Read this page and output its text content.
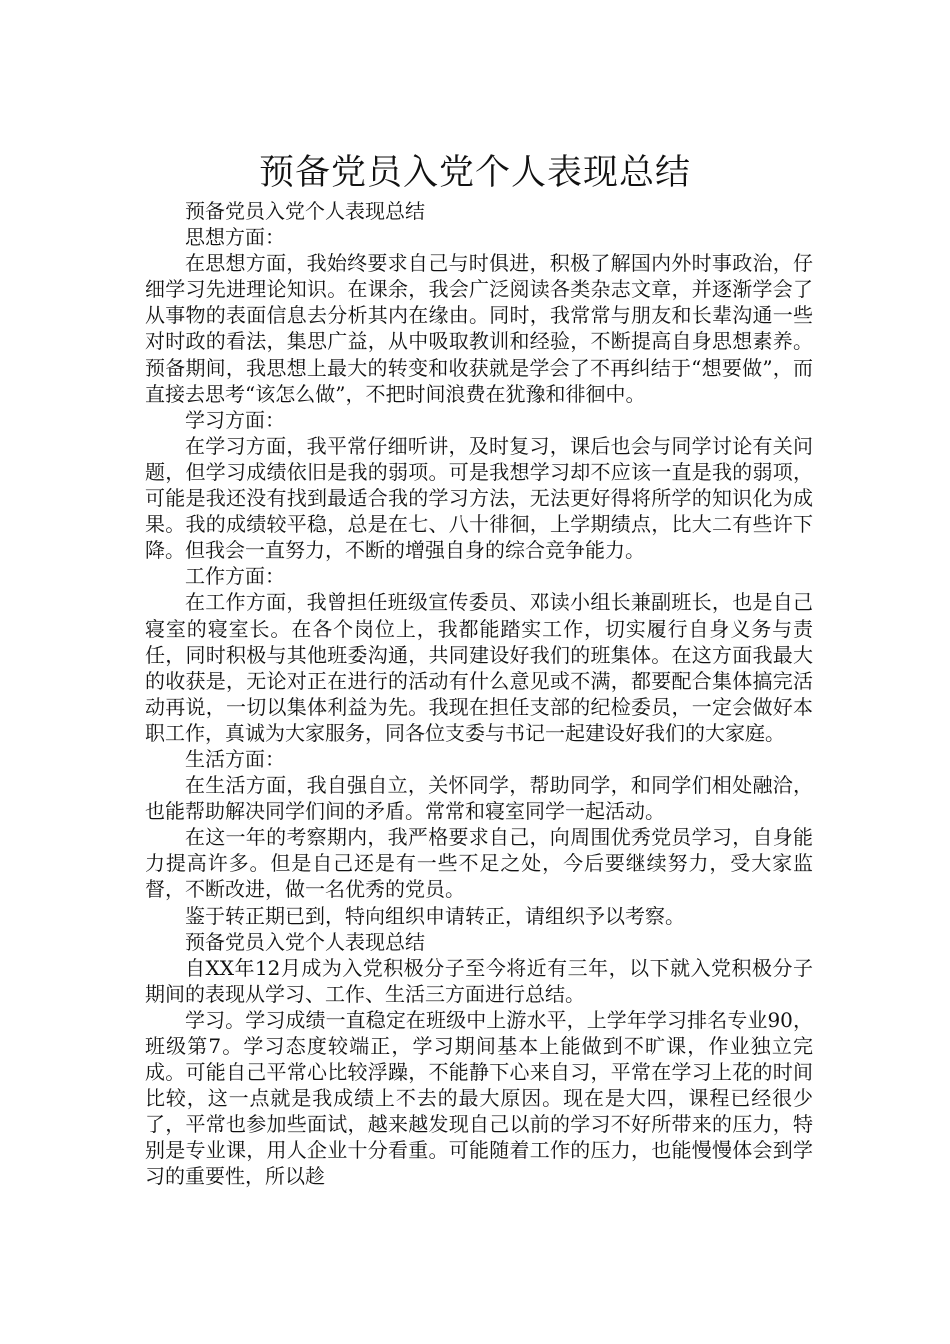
预备党员入党个人表现总结

预备党员入党个人表现总结

思想方面：

在思想方面，我始终要求自己与时俱进，积极了解国内外时事政治，仔细学习先进理论知识。在课余，我会广泛阅读各类杂志文章，并逐渐学会了从事物的表面信息去分析其内在缘由。同时，我常常与朋友和长辈沟通一些对时政的看法，集思广益，从中吸取教训和经验，不断提高自身思想素养。预备期间，我思想上最大的转变和收获就是学会了不再纠结于“想要做”，而直接去思考“该怎么做”，不把时间浪费在犹豫和徘徊中。

学习方面：

在学习方面，我平常仔细听讲，及时复习，课后也会与同学讨论有关问题，但学习成绩依旧是我的弱项。可是我想学习却不应该一直是我的弱项，可能是我还没有找到最适合我的学习方法，无法更好得将所学的知识化为成果。我的成绩较平稳，总是在七、八十徘徊，上学期绩点，比大二有些许下降。但我会一直努力，不断的增强自身的综合竞争能力。

工作方面：

在工作方面，我曾担任班级宣传委员、邓读小组长兼副班长，也是自己寝室的寝室长。在各个岗位上，我都能踏实工作，切实履行自身义务与责任，同时积极与其他班委沟通，共同建设好我们的班集体。在这方面我最大的收获是，无论对正在进行的活动有什么意见或不满，都要配合集体搞完活动再说，一切以集体利益为先。我现在担任支部的纪检委员，一定会做好本职工作，真诚为大家服务，同各位支委与书记一起建设好我们的大家庭。

生活方面：

在生活方面，我自强自立，关怀同学，帮助同学，和同学们相处融洽，也能帮助解决同学们间的矛盾。常常和寝室同学一起活动。

在这一年的考察期内，我严格要求自己，向周围优秀党员学习，自身能力提高许多。但是自己还是有一些不足之处，今后要继续努力，受大家监督，不断改进，做一名优秀的党员。

鉴于转正期已到，特向组织申请转正，请组织予以考察。

预备党员入党个人表现总结

自XX年12月成为入党积极分子至今将近有三年，以下就入党积极分子期间的表现从学习、工作、生活三方面进行总结。

学习。学习成绩一直稳定在班级中上游水平，上学年学习排名专业90，班级第7。学习态度较端正，学习期间基本上能做到不旷课，作业独立完成。可能自己平常心比较浮躁，不能静下心来自习，平常在学习上花的时间比较，这一点就是我成绩上不去的最大原因。现在是大四，课程已经很少了，平常也参加些面试，越来越发现自己以前的学习不好所带来的压力，特别是专业课，用人企业十分看重。可能随着工作的压力，也能慢慢体会到学习的重要性，所以趁
